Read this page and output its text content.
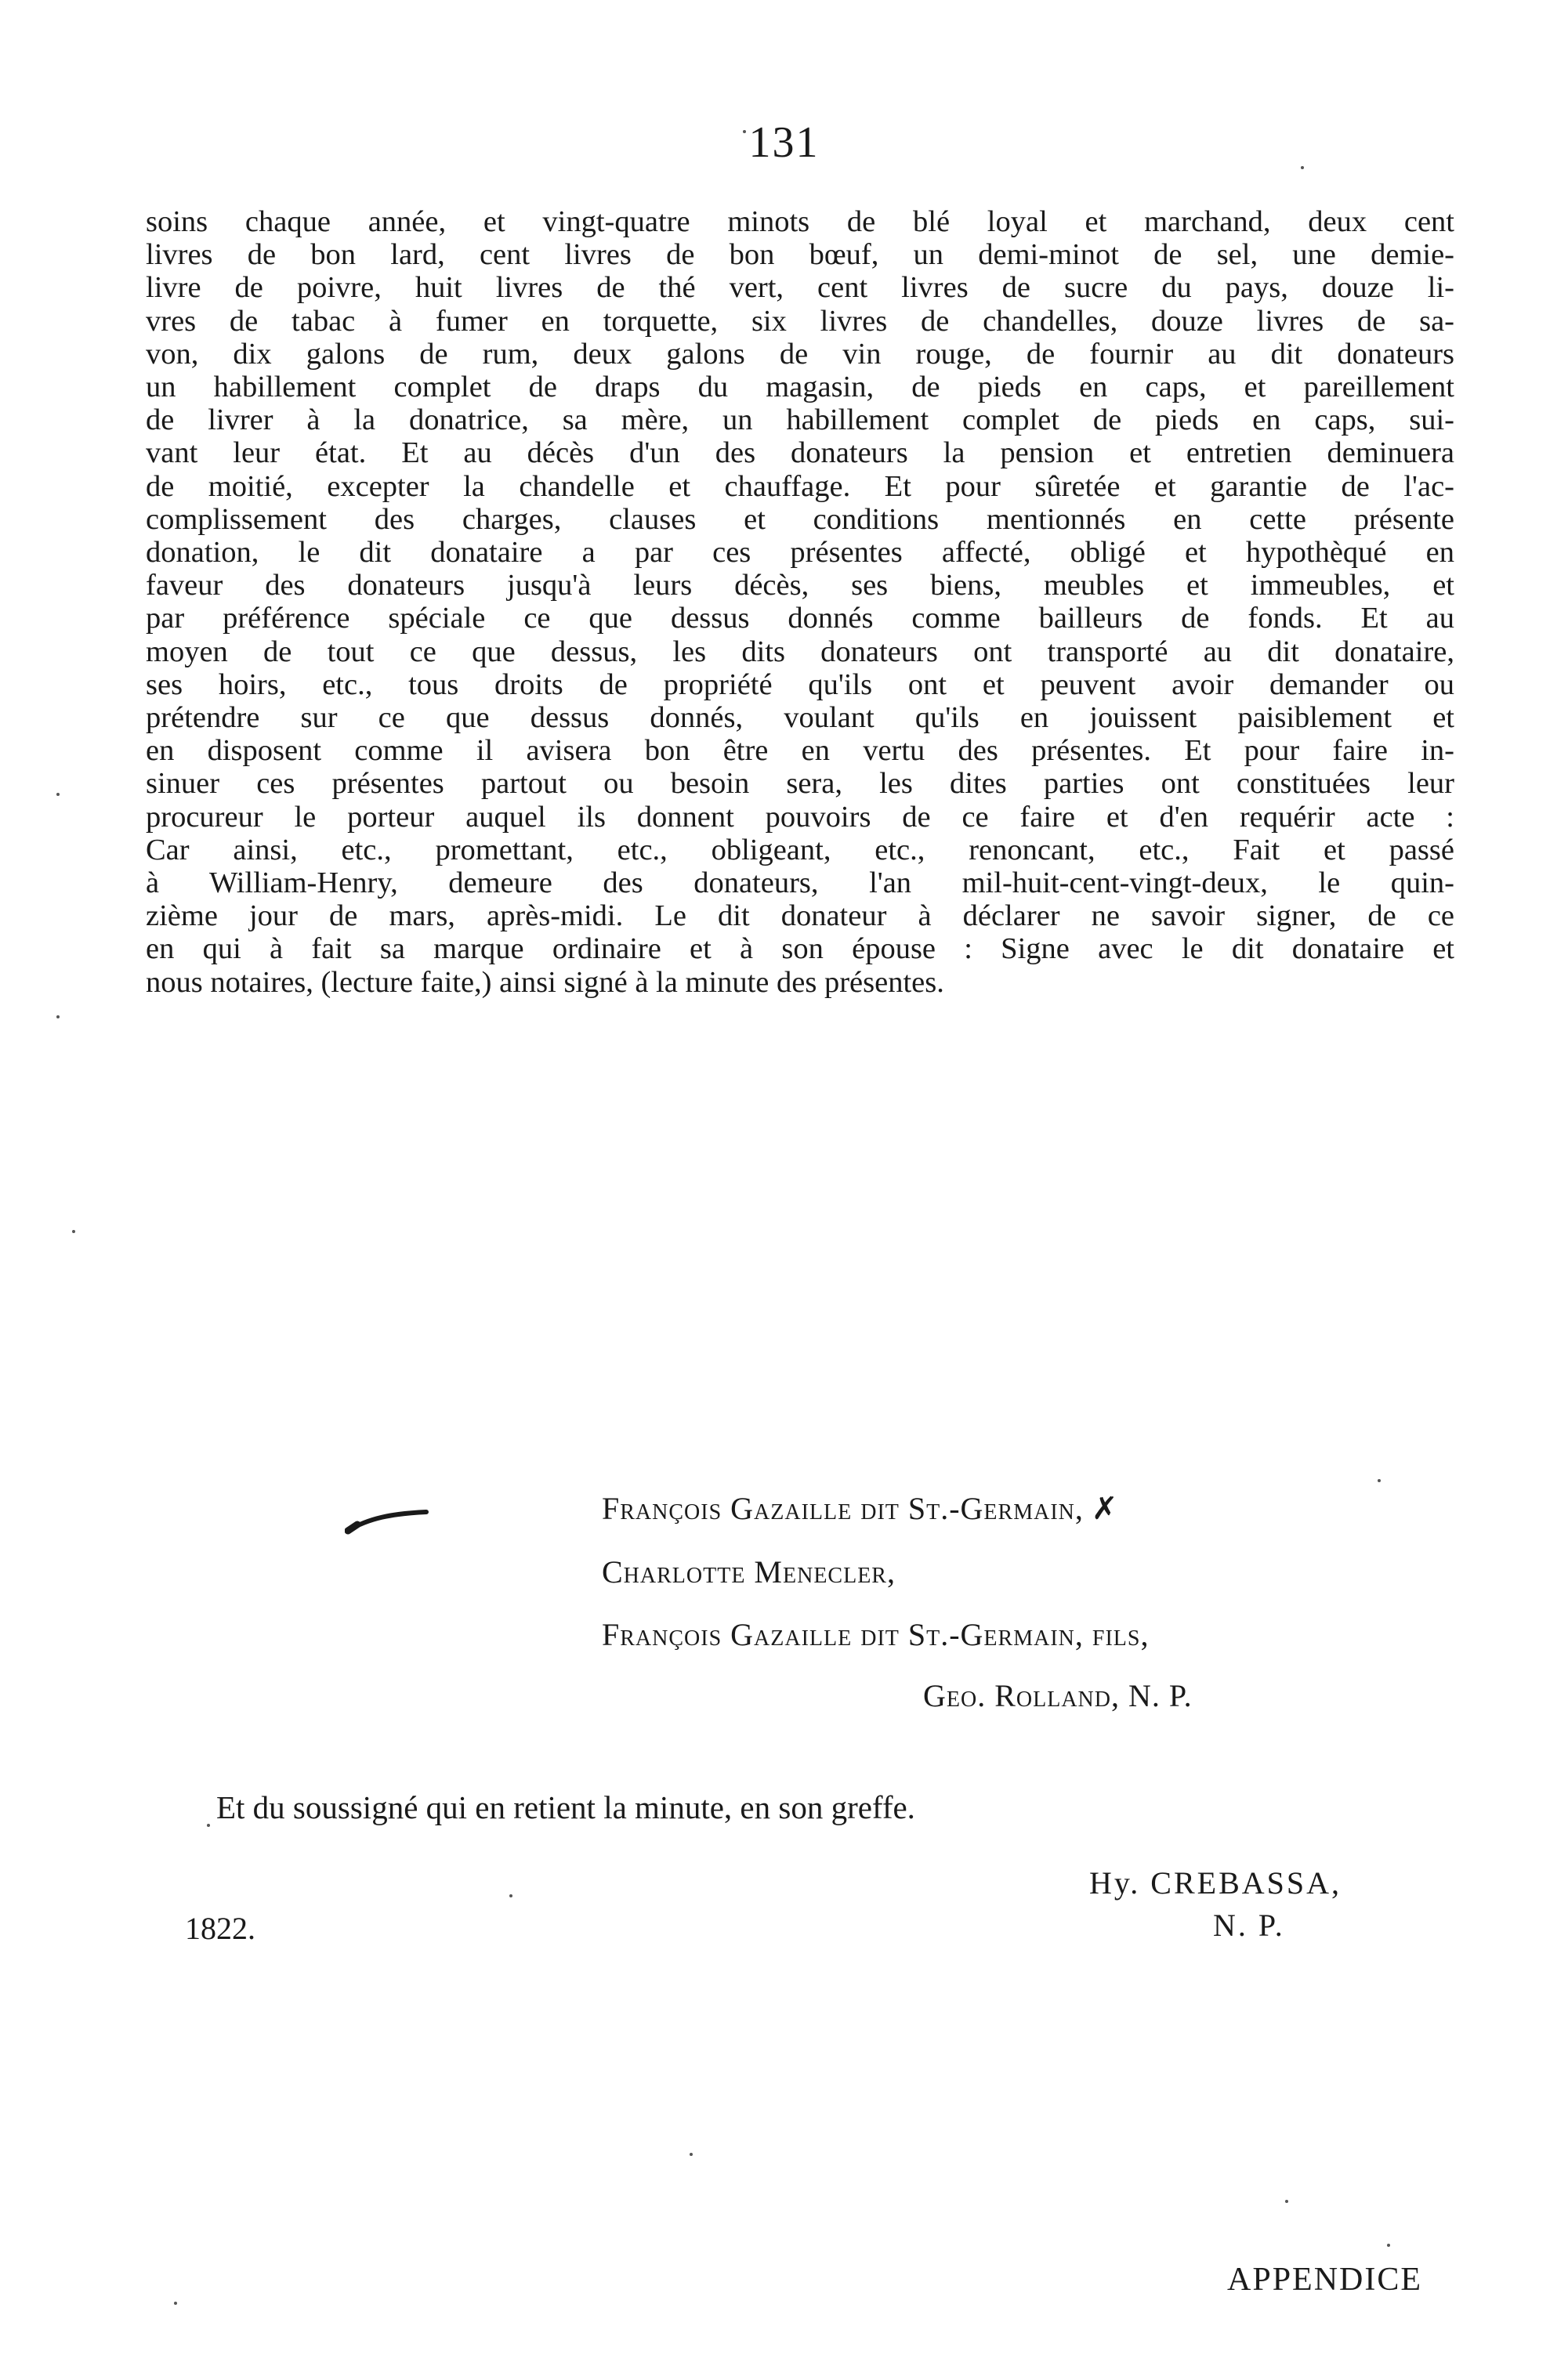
131
soins chaque année, et vingt-quatre minots de blé loyal et marchand, deux cent
livres de bon lard, cent livres de bon bœuf, un demi-minot de sel, une demie-
livre de poivre, huit livres de thé vert, cent livres de sucre du pays, douze li-
vres de tabac à fumer en torquette, six livres de chandelles, douze livres de sa-
von, dix galons de rum, deux galons de vin rouge, de fournir au dit donateurs
un habillement complet de draps du magasin, de pieds en caps, et pareillement
de livrer à la donatrice, sa mère, un habillement complet de pieds en caps, sui-
vant leur état. Et au décès d'un des donateurs la pension et entretien deminuera
de moitié, excepter la chandelle et chauffage. Et pour sûretée et garantie de l'ac-
complissement des charges, clauses et conditions mentionnés en cette présente
donation, le dit donataire a par ces présentes affecté, obligé et hypothèqué en
faveur des donateurs jusqu'à leurs décès, ses biens, meubles et immeubles, et
par préférence spéciale ce que dessus donnés comme bailleurs de fonds. Et au
moyen de tout ce que dessus, les dits donateurs ont transporté au dit donataire,
ses hoirs, etc., tous droits de propriété qu'ils ont et peuvent avoir demander ou
prétendre sur ce que dessus donnés, voulant qu'ils en jouissent paisiblement et
en disposent comme il avisera bon être en vertu des présentes. Et pour faire in-
sinuer ces présentes partout ou besoin sera, les dites parties ont constituées leur
procureur le porteur auquel ils donnent pouvoirs de ce faire et d'en requérir acte :
Car ainsi, etc., promettant, etc., obligeant, etc., renoncant, etc., Fait et passé
à William-Henry, demeure des donateurs, l'an mil-huit-cent-vingt-deux, le quin-
zième jour de mars, après-midi. Le dit donateur à déclarer ne savoir signer, de ce
en qui à fait sa marque ordinaire et à son épouse : Signe avec le dit donataire et
nous notaires, (lecture faite,) ainsi signé à la minute des présentes.
François Gazaille dit St.-Germain, ✗
Charlotte Menecler,
François Gazaille dit St.-Germain, fils,
Geo. Rolland, N. P.
Et du soussigné qui en retient la minute, en son greffe.
Hy. CREBASSA,
N. P.
1822.
APPENDICE
